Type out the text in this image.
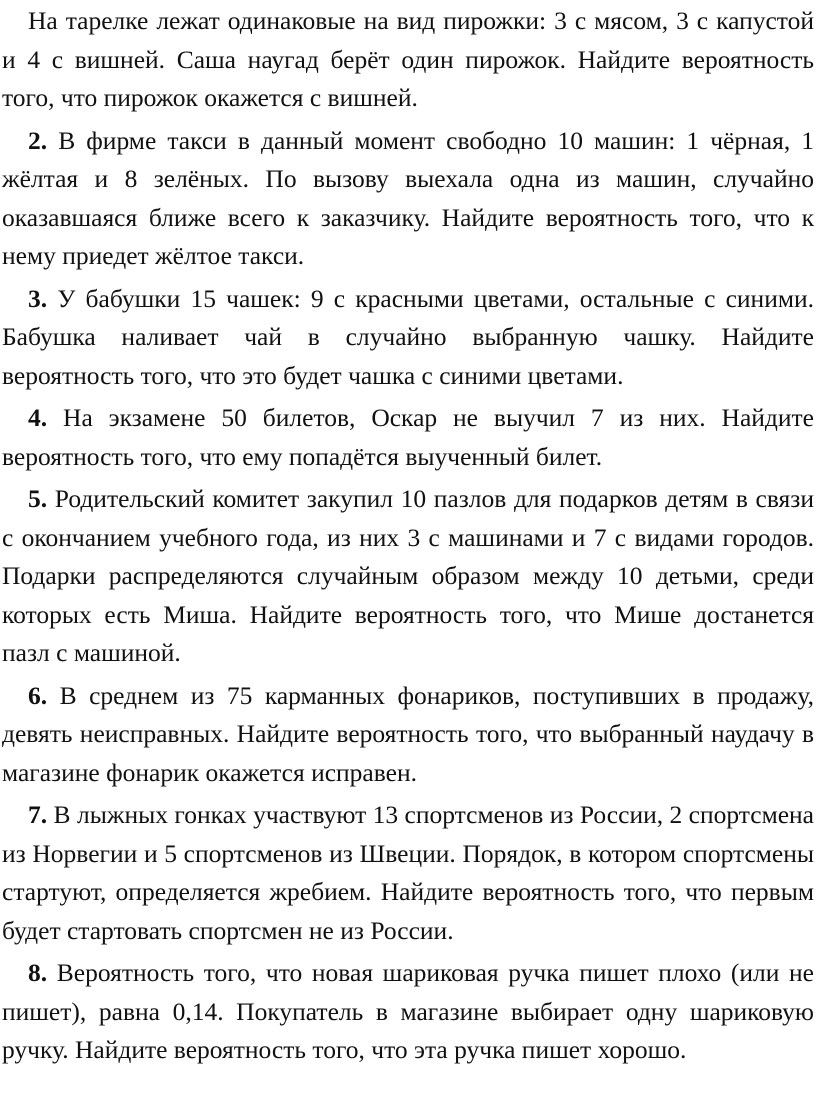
На тарелке лежат одинаковые на вид пирожки: 3 с мясом, 3 с капустой и 4 с вишней. Саша наугад берёт один пирожок. Найдите вероятность того, что пирожок окажется с вишней.

2. В фирме такси в данный момент свободно 10 машин: 1 чёрная, 1 жёлтая и 8 зелёных. По вызову выехала одна из машин, случайно оказавшаяся ближе всего к заказчику. Найдите вероятность того, что к нему приедет жёлтое такси.

3. У бабушки 15 чашек: 9 с красными цветами, остальные с синими. Бабушка наливает чай в случайно выбранную чашку. Найдите вероятность того, что это будет чашка с синими цветами.

4. На экзамене 50 билетов, Оскар не выучил 7 из них. Найдите вероятность того, что ему попадётся выученный билет.

5. Родительский комитет закупил 10 пазлов для подарков детям в связи с окончанием учебного года, из них 3 с машинами и 7 с видами городов. Подарки распределяются случайным образом между 10 детьми, среди которых есть Миша. Найдите вероятность того, что Мише достанется пазл с машиной.

6. В среднем из 75 карманных фонариков, поступивших в продажу, девять неисправных. Найдите вероятность того, что выбранный наудачу в магазине фонарик окажется исправен.

7. В лыжных гонках участвуют 13 спортсменов из России, 2 спортсмена из Норвегии и 5 спортсменов из Швеции. Порядок, в котором спортсмены стартуют, определяется жребием. Найдите вероятность того, что первым будет стартовать спортсмен не из России.

8. Вероятность того, что новая шариковая ручка пишет плохо (или не пишет), равна 0,14. Покупатель в магазине выбирает одну шариковую ручку. Найдите вероятность того, что эта ручка пишет хорошо.
